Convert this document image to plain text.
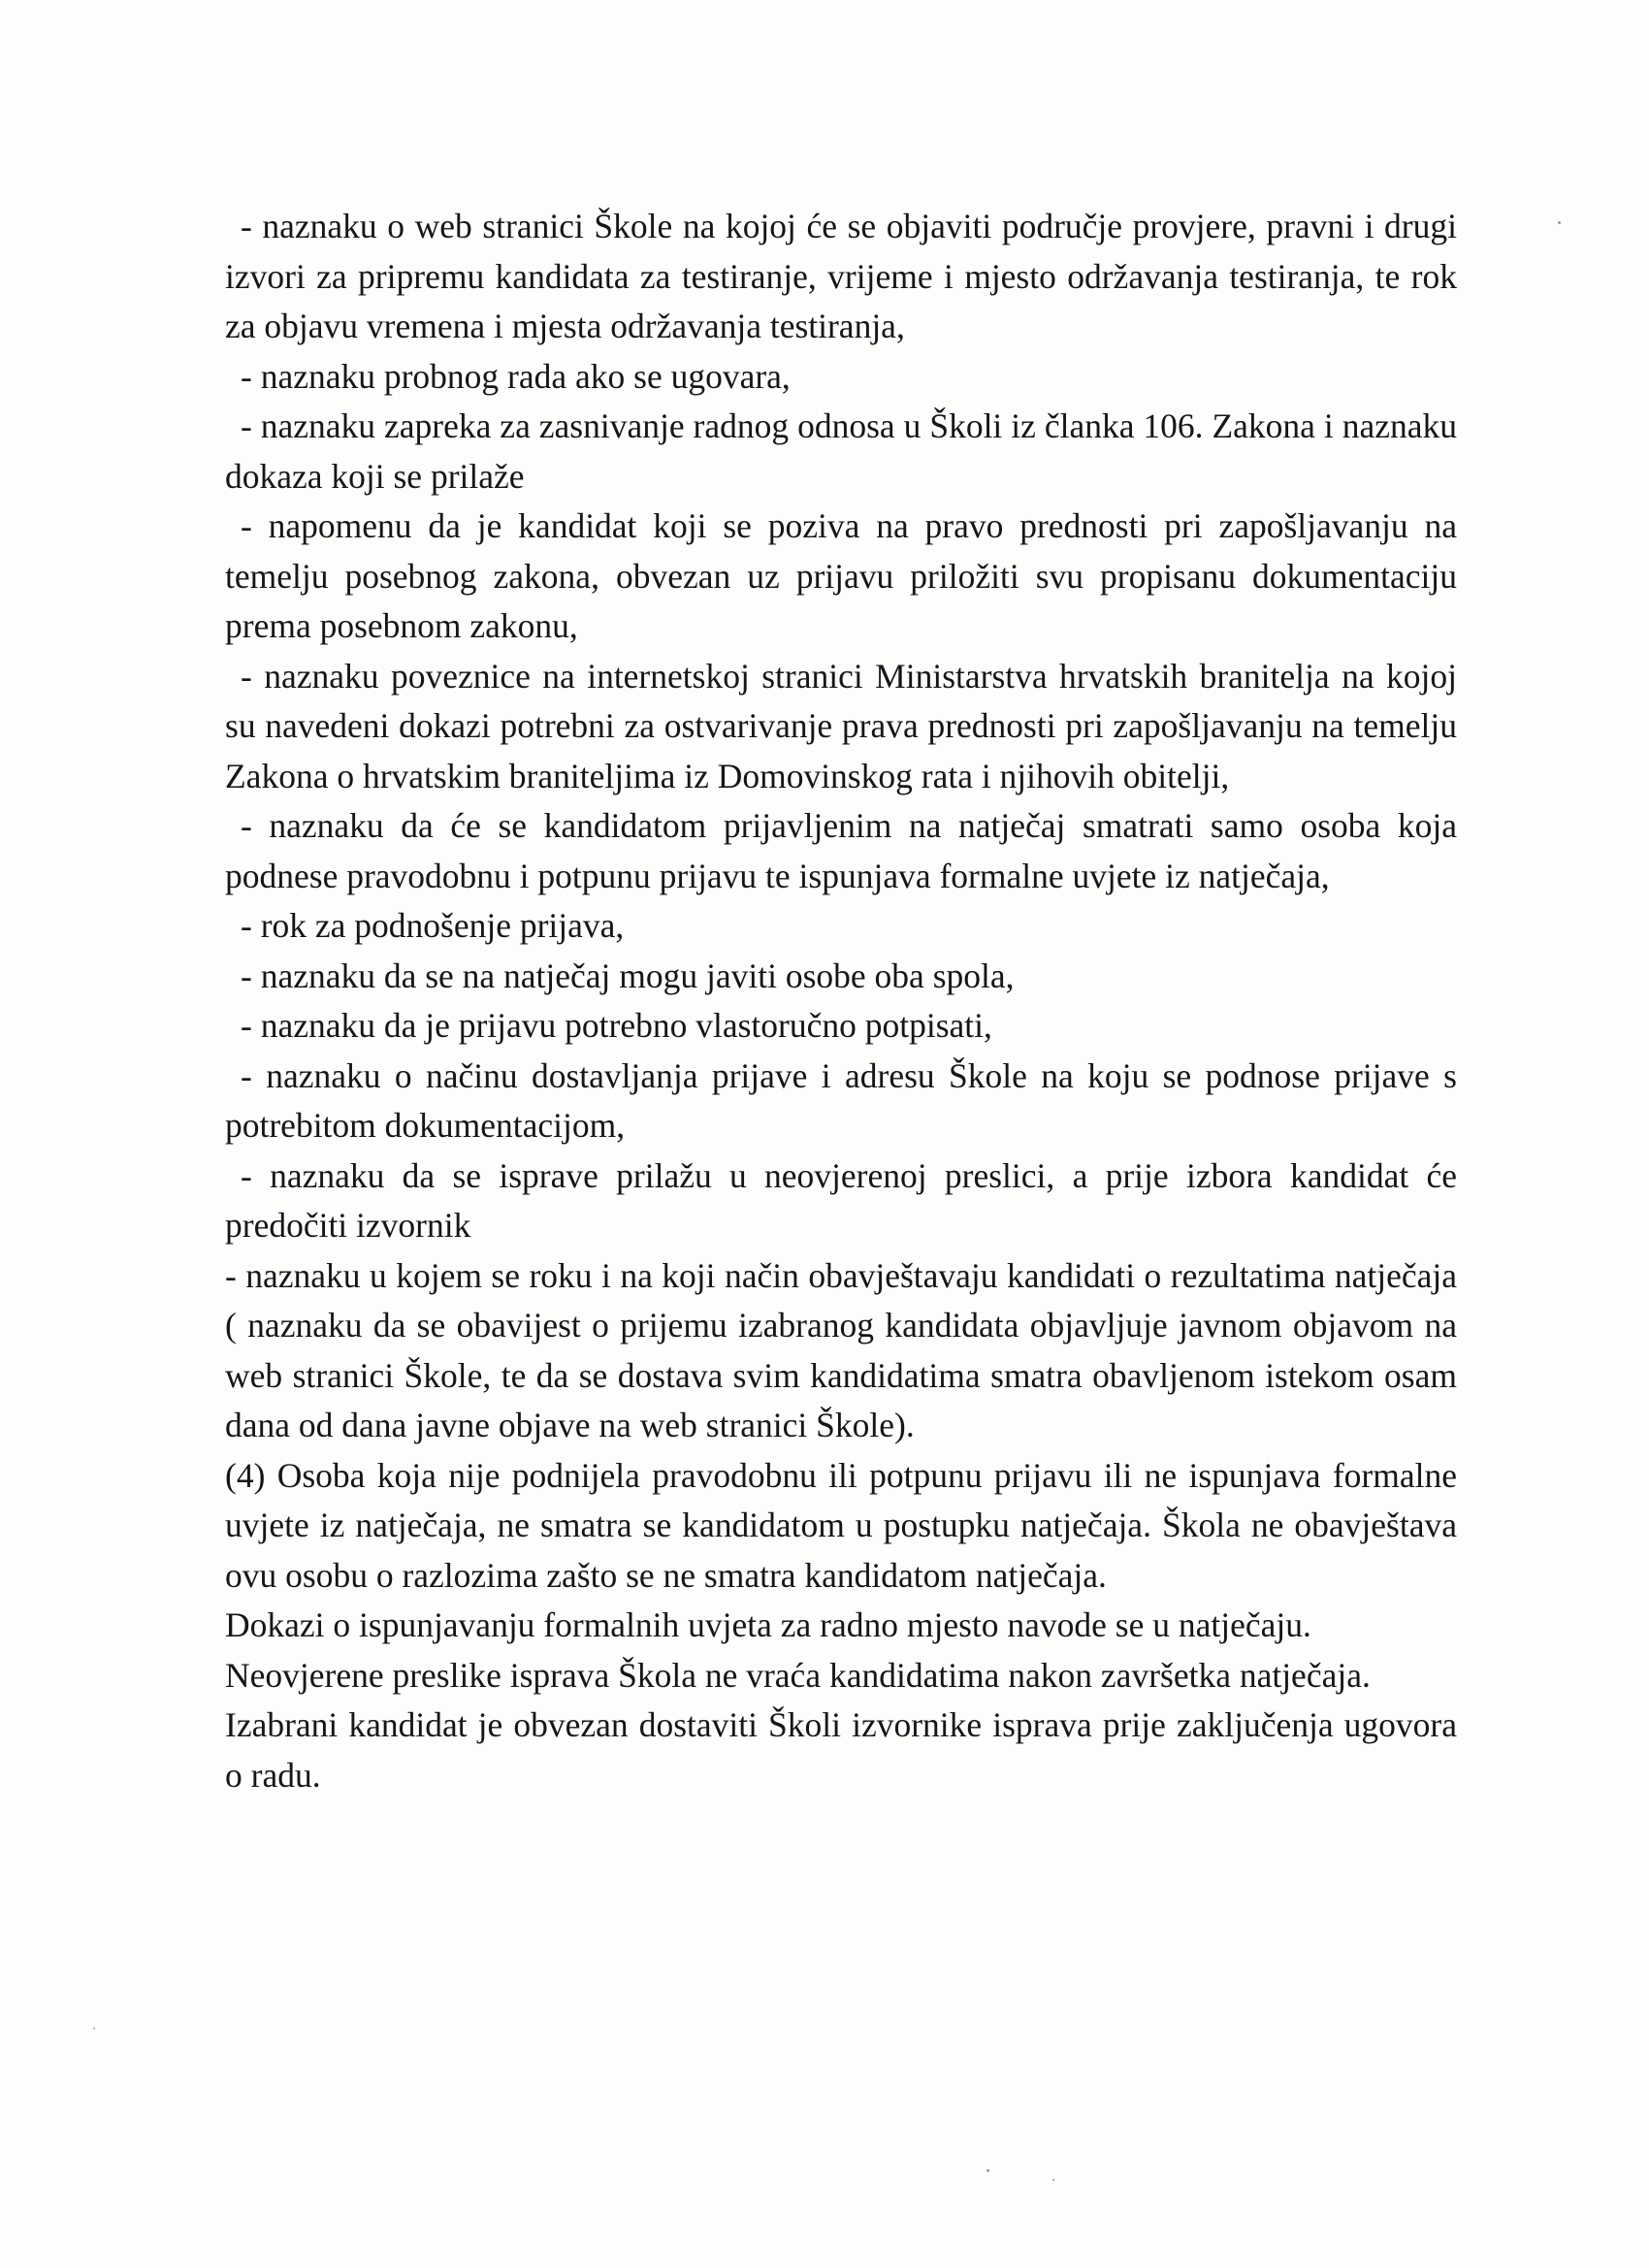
- naznaku o web stranici Škole na kojoj će se objaviti područje provjere, pravni i drugi izvori za pripremu kandidata za testiranje, vrijeme i mjesto održavanja testiranja, te rok za objavu vremena i mjesta održavanja testiranja,

- naznaku probnog rada ako se ugovara,

- naznaku zapreka za zasnivanje radnog odnosa u Školi iz članka 106. Zakona i naznaku dokaza koji se prilaže

- napomenu da je kandidat koji se poziva na pravo prednosti pri zapošljavanju na temelju posebnog zakona, obvezan uz prijavu priložiti svu propisanu dokumentaciju prema posebnom zakonu,

- naznaku poveznice na internetskoj stranici Ministarstva hrvatskih branitelja na kojoj su navedeni dokazi potrebni za ostvarivanje prava prednosti pri zapošljavanju na temelju Zakona o hrvatskim braniteljima iz Domovinskog rata i njihovih obitelji,

- naznaku da će se kandidatom prijavljenim na natječaj smatrati samo osoba koja podnese pravodobnu i potpunu prijavu te ispunjava formalne uvjete iz natječaja,

- rok za podnošenje prijava,

- naznaku da se na natječaj mogu javiti osobe oba spola,

- naznaku da je prijavu potrebno vlastoručno potpisati,

- naznaku o načinu dostavljanja prijave i adresu Škole na koju se podnose prijave s potrebitom dokumentacijom,

- naznaku da se isprave prilažu u neovjerenoj preslici, a prije izbora kandidat će predočiti izvornik

- naznaku u kojem se roku i na koji način obavještavaju kandidati o rezultatima natječaja ( naznaku da se obavijest o prijemu izabranog kandidata objavljuje javnom objavom na web stranici Škole, te da se dostava svim kandidatima smatra obavljenom istekom osam dana od dana javne objave na web stranici Škole).

(4) Osoba koja nije podnijela pravodobnu ili potpunu prijavu ili ne ispunjava formalne uvjete iz natječaja, ne smatra se kandidatom u postupku natječaja. Škola ne obavještava ovu osobu o razlozima zašto se ne smatra kandidatom natječaja.

Dokazi o ispunjavanju formalnih uvjeta za radno mjesto navode se u natječaju.

Neovjerene preslike isprava Škola ne vraća kandidatima nakon završetka natječaja.

Izabrani kandidat je obvezan dostaviti Školi izvornike isprava prije zaključenja ugovora o radu.
